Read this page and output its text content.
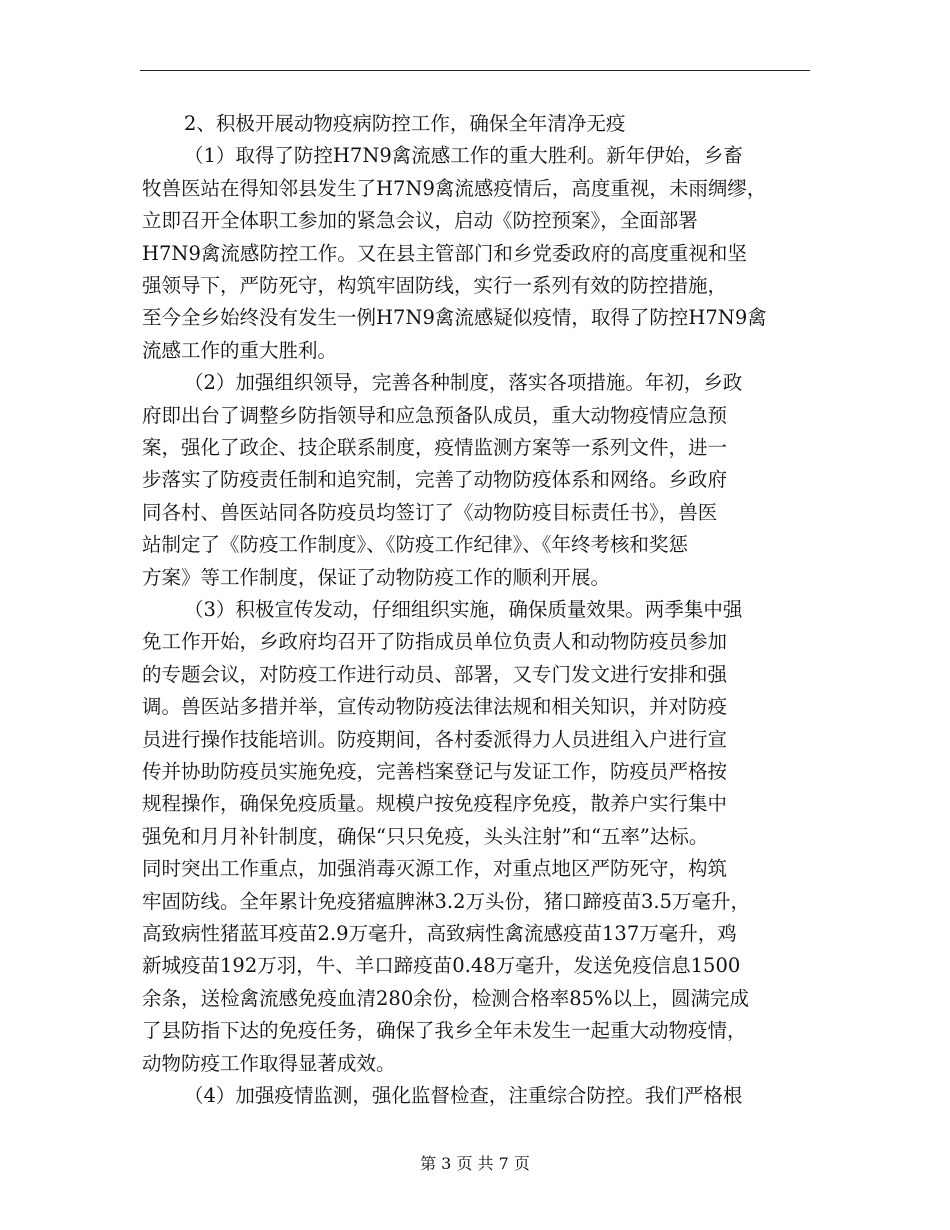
2、积极开展动物疫病防控工作，确保全年清净无疫
（1）取得了防控H7N9禽流感工作的重大胜利。新年伊始，乡畜
牧兽医站在得知邻县发生了H7N9禽流感疫情后，高度重视，未雨绸缪，
立即召开全体职工参加的紧急会议，启动《防控预案》，全面部署
H7N9禽流感防控工作。又在县主管部门和乡党委政府的高度重视和坚
强领导下，严防死守，构筑牢固防线，实行一系列有效的防控措施，
至今全乡始终没有发生一例H7N9禽流感疑似疫情，取得了防控H7N9禽
流感工作的重大胜利。
（2）加强组织领导，完善各种制度，落实各项措施。年初，乡政
府即出台了调整乡防指领导和应急预备队成员，重大动物疫情应急预
案，强化了政企、技企联系制度，疫情监测方案等一系列文件，进一
步落实了防疫责任制和追究制，完善了动物防疫体系和网络。乡政府
同各村、兽医站同各防疫员均签订了《动物防疫目标责任书》，兽医
站制定了《防疫工作制度》、《防疫工作纪律》、《年终考核和奖惩
方案》等工作制度，保证了动物防疫工作的顺利开展。
（3）积极宣传发动，仔细组织实施，确保质量效果。两季集中强
免工作开始，乡政府均召开了防指成员单位负责人和动物防疫员参加
的专题会议，对防疫工作进行动员、部署，又专门发文进行安排和强
调。兽医站多措并举，宣传动物防疫法律法规和相关知识，并对防疫
员进行操作技能培训。防疫期间，各村委派得力人员进组入户进行宣
传并协助防疫员实施免疫，完善档案登记与发证工作，防疫员严格按
规程操作，确保免疫质量。规模户按免疫程序免疫，散养户实行集中
强免和月月补针制度，确保“只只免疫，头头注射”和“五率”达标。
同时突出工作重点，加强消毒灭源工作，对重点地区严防死守，构筑
牢固防线。全年累计免疫猪瘟脾淋3.2万头份，猪口蹄疫苗3.5万毫升，
高致病性猪蓝耳疫苗2.9万毫升，高致病性禽流感疫苗137万毫升，鸡
新城疫苗192万羽，牛、羊口蹄疫苗0.48万毫升，发送免疫信息1500
余条，送检禽流感免疫血清280余份，检测合格率85%以上，圆满完成
了县防指下达的免疫任务，确保了我乡全年未发生一起重大动物疫情，
动物防疫工作取得显著成效。
（4）加强疫情监测，强化监督检查，注重综合防控。我们严格根
第 3 页 共 7 页
